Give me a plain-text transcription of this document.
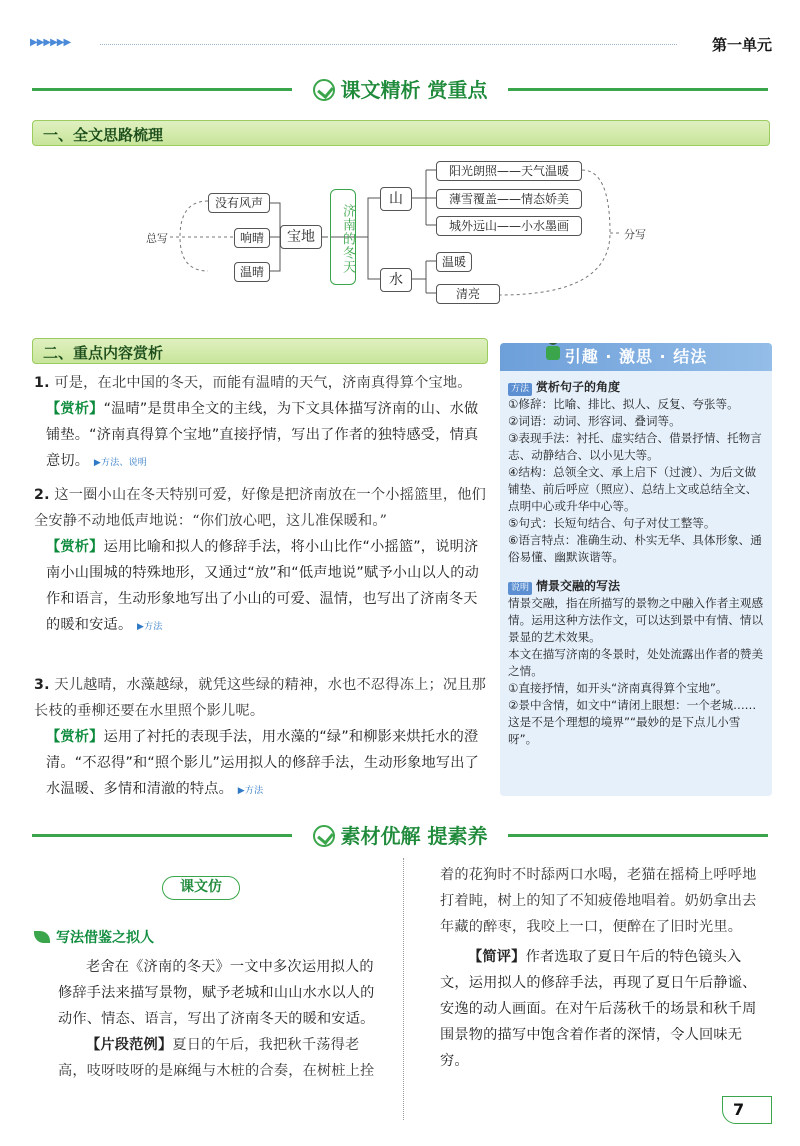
▶▶▶▶▶▶	第一单元
课文精析 赏重点
一、全文思路梳理
总写	分写
没有风声
响晴
温晴
宝地	济南的冬天
山
水
阳光朗照——天气温暖
薄雪覆盖——情态娇美
城外远山——小水墨画
温暖
清亮
二、重点内容赏析
1. 可是，在北中国的冬天，而能有温晴的天气，济南真得算个宝地。
【赏析】“温晴”是贯串全文的主线，为下文具体描写济南的山、水做铺垫。“济南真得算个宝地”直接抒情，写出了作者的独特感受，情真意切。 ▶方法、说明
2. 这一圈小山在冬天特别可爱，好像是把济南放在一个小摇篮里，他们全安静不动地低声地说：“你们放心吧，这儿准保暖和。”
【赏析】运用比喻和拟人的修辞手法，将小山比作“小摇篮”，说明济南小山围城的特殊地形，又通过“放”和“低声地说”赋予小山以人的动作和语言，生动形象地写出了小山的可爱、温情，也写出了济南冬天的暖和安适。 ▶方法
3. 天儿越晴，水藻越绿，就凭这些绿的精神，水也不忍得冻上；况且那长枝的垂柳还要在水里照个影儿呢。
【赏析】运用了衬托的表现手法，用水藻的“绿”和柳影来烘托水的澄清。“不忍得”和“照个影儿”运用拟人的修辞手法，生动形象地写出了水温暖、多情和清澈的特点。 ▶方法
引趣 · 激思 · 结法
方法 赏析句子的角度
①修辞：比喻、排比、拟人、反复、夸张等。
②词语：动词、形容词、叠词等。
③表现手法：衬托、虚实结合、借景抒情、托物言志、动静结合、以小见大等。
④结构：总领全文、承上启下（过渡）、为后文做铺垫、前后呼应（照应）、总结上文或总结全文、点明中心或升华中心等。
⑤句式：长短句结合、句子对仗工整等。
⑥语言特点：准确生动、朴实无华、具体形象、通俗易懂、幽默诙谐等。
说明 情景交融的写法
情景交融，指在所描写的景物之中融入作者主观感情。运用这种方法作文，可以达到景中有情、情以景显的艺术效果。
本文在描写济南的冬景时，处处流露出作者的赞美之情。
①直接抒情，如开头“济南真得算个宝地”。
②景中含情，如文中“请闭上眼想：一个老城……这是不是个理想的境界”“最妙的是下点儿小雪呀”。
素材优解 提素养
课文仿
写法借鉴之拟人
老舍在《济南的冬天》一文中多次运用拟人的修辞手法来描写景物，赋予老城和山山水水以人的动作、情态、语言，写出了济南冬天的暖和安适。
【片段范例】夏日的午后，我把秋千荡得老高，吱呀吱呀的是麻绳与木桩的合奏，在树桩上拴
着的花狗时不时舔两口水喝，老猫在摇椅上呼呼地打着盹，树上的知了不知疲倦地唱着。奶奶拿出去年藏的醉枣，我咬上一口，便醉在了旧时光里。
【简评】作者选取了夏日午后的特色镜头入文，运用拟人的修辞手法，再现了夏日午后静谧、安逸的动人画面。在对午后荡秋千的场景和秋千周围景物的描写中饱含着作者的深情，令人回味无穷。
7
